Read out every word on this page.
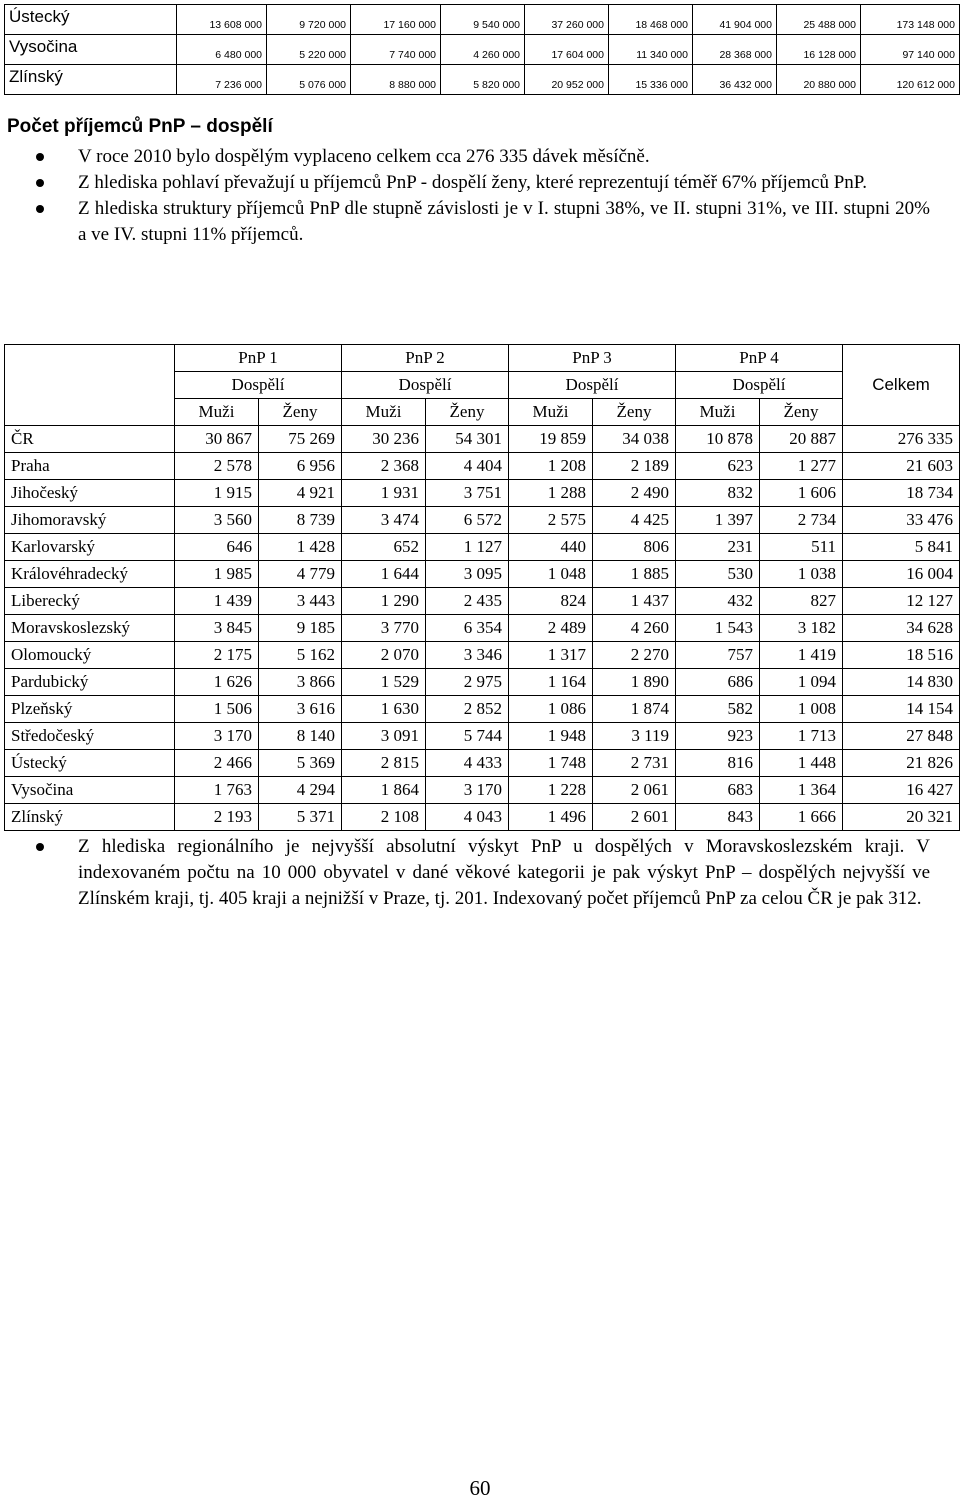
Ústecký	13 608 000	9 720 000	17 160 000	9 540 000	37 260 000	18 468 000	41 904 000	25 488 000	173 148 000
Vysočina	6 480 000	5 220 000	7 740 000	4 260 000	17 604 000	11 340 000	28 368 000	16 128 000	97 140 000
Zlínský	7 236 000	5 076 000	8 880 000	5 820 000	20 952 000	15 336 000	36 432 000	20 880 000	120 612 000
Počet příjemců PnP – dospělí
V roce 2010 bylo dospělým vyplaceno celkem cca 276 335 dávek měsíčně.
Z hlediska pohlaví převažují u příjemců PnP - dospělí ženy, které reprezentují téměř 67% příjemců PnP.
Z hlediska struktury příjemců PnP dle stupně závislosti je v I. stupni 38%, ve II. stupni 31%, ve III. stupni 20% a ve IV. stupni 11% příjemců.
	PnP 1		PnP 2		PnP 3		PnP 4		Celkem
	Dospělí		Dospělí		Dospělí		Dospělí		
	Muži	Ženy	Muži	Ženy	Muži	Ženy	Muži	Ženy	
ČR	30 867	75 269	30 236	54 301	19 859	34 038	10 878	20 887	276 335
Praha	2 578	6 956	2 368	4 404	1 208	2 189	623	1 277	21 603
Jihočeský	1 915	4 921	1 931	3 751	1 288	2 490	832	1 606	18 734
Jihomoravský	3 560	8 739	3 474	6 572	2 575	4 425	1 397	2 734	33 476
Karlovarský	646	1 428	652	1 127	440	806	231	511	5 841
Královéhradecký	1 985	4 779	1 644	3 095	1 048	1 885	530	1 038	16 004
Liberecký	1 439	3 443	1 290	2 435	824	1 437	432	827	12 127
Moravskoslezský	3 845	9 185	3 770	6 354	2 489	4 260	1 543	3 182	34 628
Olomoucký	2 175	5 162	2 070	3 346	1 317	2 270	757	1 419	18 516
Pardubický	1 626	3 866	1 529	2 975	1 164	1 890	686	1 094	14 830
Plzeňský	1 506	3 616	1 630	2 852	1 086	1 874	582	1 008	14 154
Středočeský	3 170	8 140	3 091	5 744	1 948	3 119	923	1 713	27 848
Ústecký	2 466	5 369	2 815	4 433	1 748	2 731	816	1 448	21 826
Vysočina	1 763	4 294	1 864	3 170	1 228	2 061	683	1 364	16 427
Zlínský	2 193	5 371	2 108	4 043	1 496	2 601	843	1 666	20 321
Z hlediska regionálního je nejvyšší absolutní výskyt PnP u dospělých v Moravskoslezském kraji. V indexovaném počtu na 10 000 obyvatel v dané věkové kategorii je pak výskyt PnP – dospělých nejvyšší ve Zlínském kraji, tj. 405 kraji a nejnižší v Praze, tj. 201. Indexovaný počet příjemců PnP za celou ČR je pak 312.
60
